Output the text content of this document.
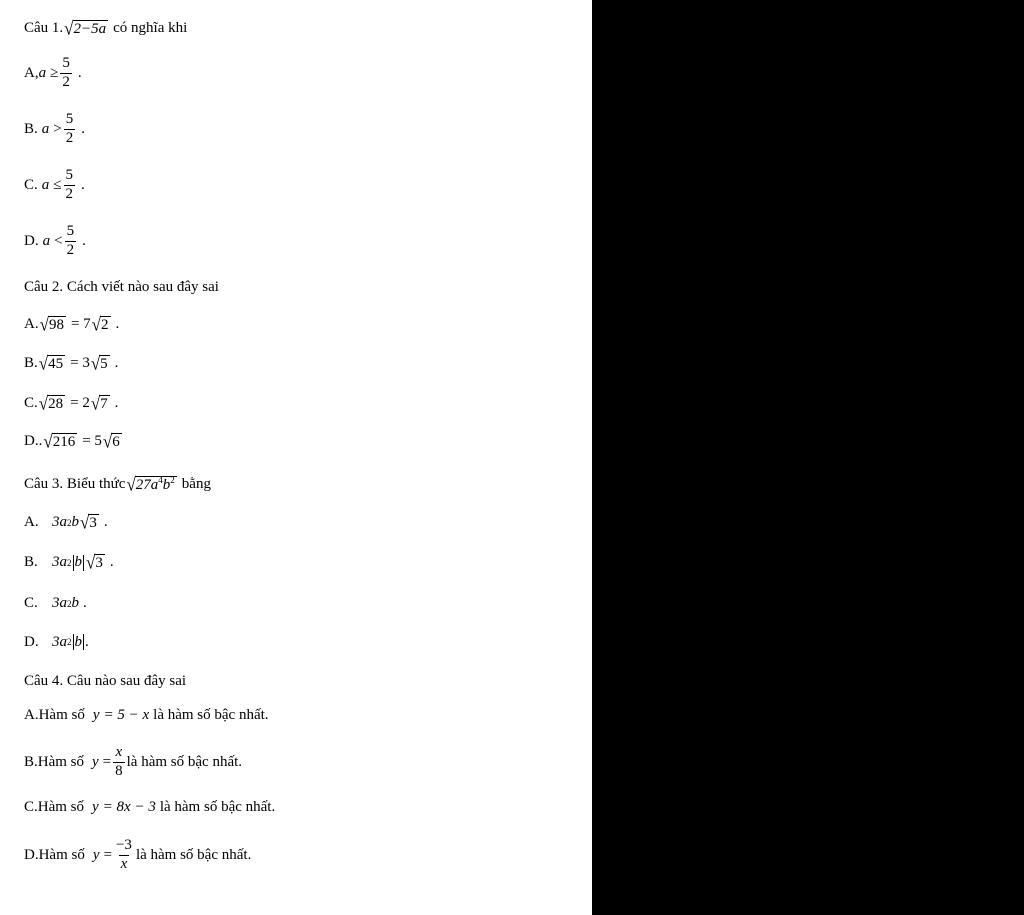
Câu 1. √ 2−5a có nghĩa khi
A, $a \ge \frac{5}{2}$ .
B. $a > \frac{5}{2}$ .
C. $a \le \frac{5}{2}$ .
D. $a < \frac{5}{2}$ .
Câu 2. Cách viết nào sau đây sai
A. √ 98 = 7 √ 2 .
B. √ 45 = 3 √ 5 .
C. √ 28 = 2 √ 7 .
D.. √ 216 = 5 √ 6
Câu 3. Biểu thức √ $27a^4b^2$ bằng
A. 3a 2 b √ 3 .
B. 3a 2 b √ 3 .
C. 3a 2 b .
D. 3a 2 b .
Câu 4. Câu nào sau đây sai
A.Hàm số y = 5 − x là hàm số bậc nhất.
B.Hàm số $y = \frac{x}{8}$ là hàm số bậc nhất.
C.Hàm số y = 8x − 3 là hàm số bậc nhất.
D.Hàm số $y = \frac{-3}{x}$ là hàm số bậc nhất.
